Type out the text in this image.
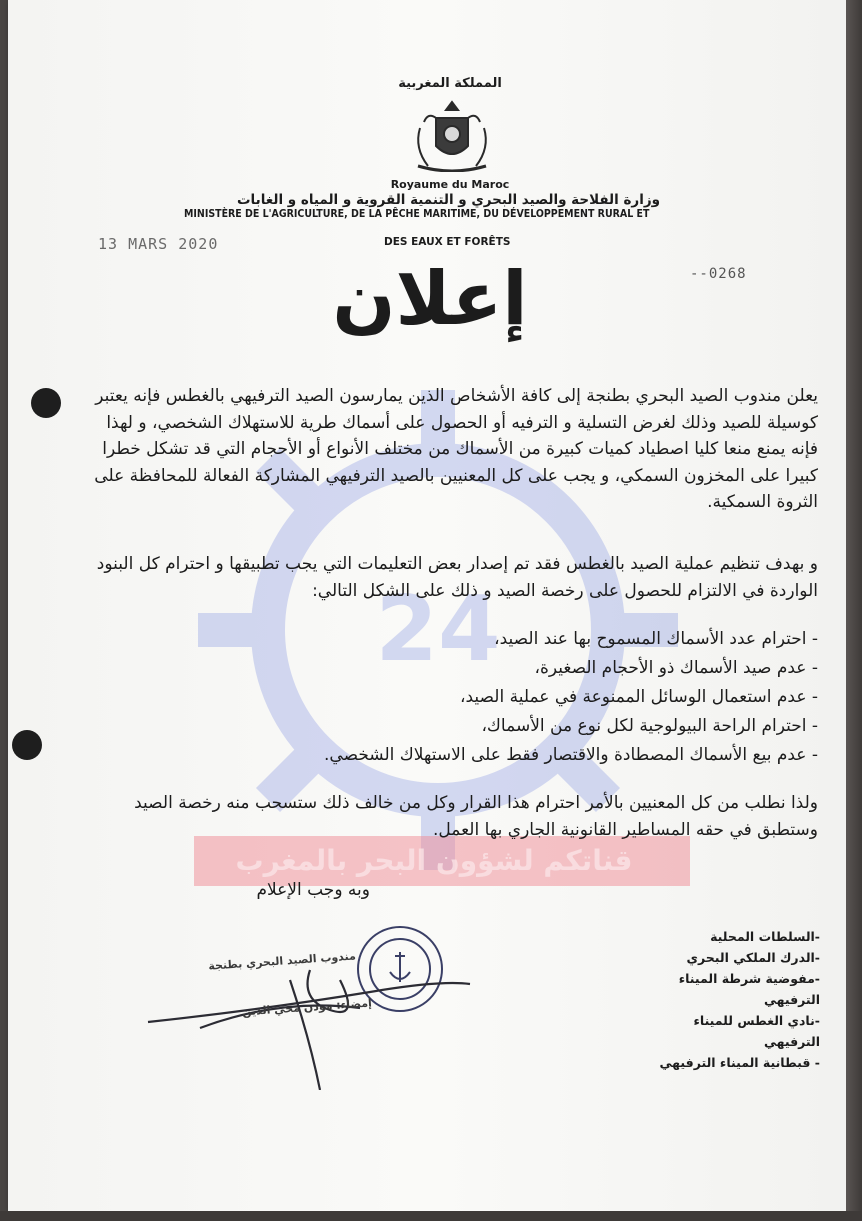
24
قناتكم لشؤون البحر بالمغرب
المملكة المغربية
Royaume du Maroc
وزارة الفلاحة والصيد البحري و التنمية القروية و المياه و الغابات
MINISTÈRE DE L'AGRICULTURE, DE LA PÊCHE MARITIME, DU DÉVELOPPEMENT RURAL ET
DES EAUX ET FORÊTS
13 MARS 2020
--0268
إعلان
يعلن مندوب الصيد البحري بطنجة إلى كافة الأشخاص الذين يمارسون الصيد الترفيهي بالغطس فإنه يعتبر كوسيلة للصيد وذلك لغرض التسلية و الترفيه أو الحصول على أسماك طرية للاستهلاك الشخصي، و لهذا فإنه يمنع منعا كليا اصطياد كميات كبيرة من الأسماك من مختلف الأنواع أو الأحجام التي قد تشكل خطرا كبيرا على المخزون السمكي، و يجب على كل المعنيين بالصيد الترفيهي المشاركة الفعالة للمحافظة على الثروة السمكية.
و بهدف تنظيم عملية الصيد بالغطس فقد تم إصدار بعض التعليمات التي يجب تطبيقها و احترام كل البنود الواردة في الالتزام للحصول على رخصة الصيد و ذلك على الشكل التالي:
- احترام عدد الأسماك المسموح بها عند الصيد،
- عدم صيد الأسماك ذو الأحجام الصغيرة،
- عدم استعمال الوسائل الممنوعة في عملية الصيد،
- احترام الراحة البيولوجية لكل نوع من الأسماك،
- عدم بيع الأسماك المصطادة والاقتصار فقط على الاستهلاك الشخصي.
ولذا نطلب من كل المعنيين بالأمر احترام هذا القرار وكل من خالف ذلك ستسحب منه رخصة الصيد وستطبق في حقه المساطير القانونية الجاري بها العمل.
وبه وجب الإعلام
-السلطات المحلية
-الدرك الملكي البحري
-مفوضية شرطة الميناء الترفيهي
-نادي الغطس للميناء الترفيهي
- قبطانية الميناء الترفيهي
مندوب الصيد البحري بطنجة
إمضاء: مودن محي الدين
